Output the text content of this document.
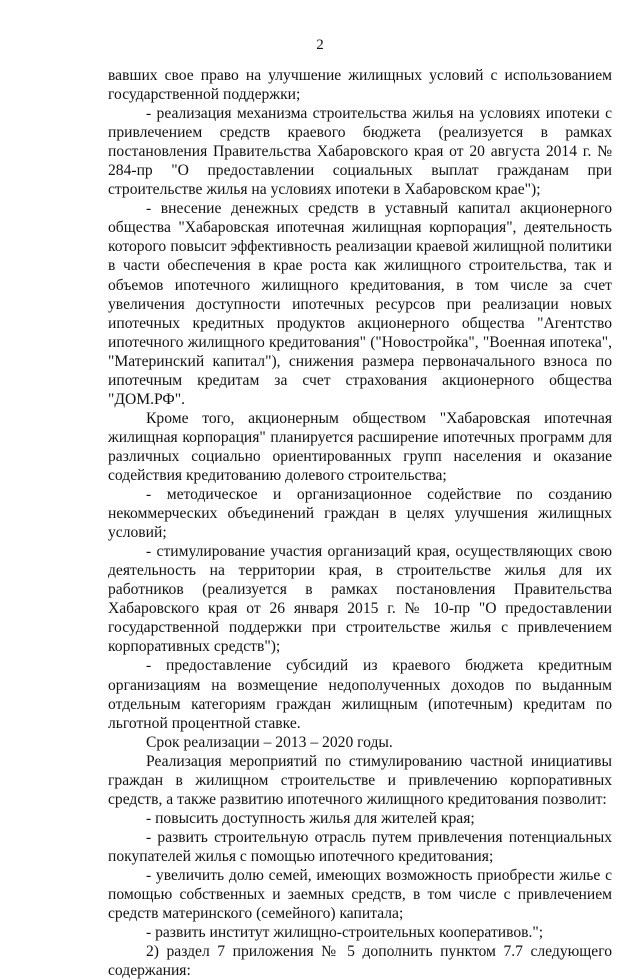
2

вавших свое право на улучшение жилищных условий с использованием государственной поддержки;

- реализация механизма строительства жилья на условиях ипотеки с привлечением средств краевого бюджета (реализуется в рамках постановления Правительства Хабаровского края от 20 августа 2014 г. № 284-пр "О предоставлении социальных выплат гражданам при строительстве жилья на условиях ипотеки в Хабаровском крае");

- внесение денежных средств в уставный капитал акционерного общества "Хабаровская ипотечная жилищная корпорация", деятельность которого повысит эффективность реализации краевой жилищной политики в части обеспечения в крае роста как жилищного строительства, так и объемов ипотечного жилищного кредитования, в том числе за счет увеличения доступности ипотечных ресурсов при реализации новых ипотечных кредитных продуктов акционерного общества "Агентство ипотечного жилищного кредитования" ("Новостройка", "Военная ипотека", "Материнский капитал"), снижения размера первоначального взноса по ипотечным кредитам за счет страхования акционерного общества "ДОМ.РФ".

Кроме того, акционерным обществом "Хабаровская ипотечная жилищная корпорация" планируется расширение ипотечных программ для различных социально ориентированных групп населения и оказание содействия кредитованию долевого строительства;

- методическое и организационное содействие по созданию некоммерческих объединений граждан в целях улучшения жилищных условий;

- стимулирование участия организаций края, осуществляющих свою деятельность на территории края, в строительстве жилья для их работников (реализуется в рамках постановления Правительства Хабаровского края от 26 января 2015 г. № 10-пр "О предоставлении государственной поддержки при строительстве жилья с привлечением корпоративных средств");

- предоставление субсидий из краевого бюджета кредитным организациям на возмещение недополученных доходов по выданным отдельным категориям граждан жилищным (ипотечным) кредитам по льготной процентной ставке.

Срок реализации – 2013 – 2020 годы.

Реализация мероприятий по стимулированию частной инициативы граждан в жилищном строительстве и привлечению корпоративных средств, а также развитию ипотечного жилищного кредитования позволит:

- повысить доступность жилья для жителей края;

- развить строительную отрасль путем привлечения потенциальных покупателей жилья с помощью ипотечного кредитования;

- увеличить долю семей, имеющих возможность приобрести жилье с помощью собственных и заемных средств, в том числе с привлечением средств материнского (семейного) капитала;

- развить институт жилищно-строительных кооперативов.";

2) раздел 7 приложения № 5 дополнить пунктом 7.7 следующего содержания:
